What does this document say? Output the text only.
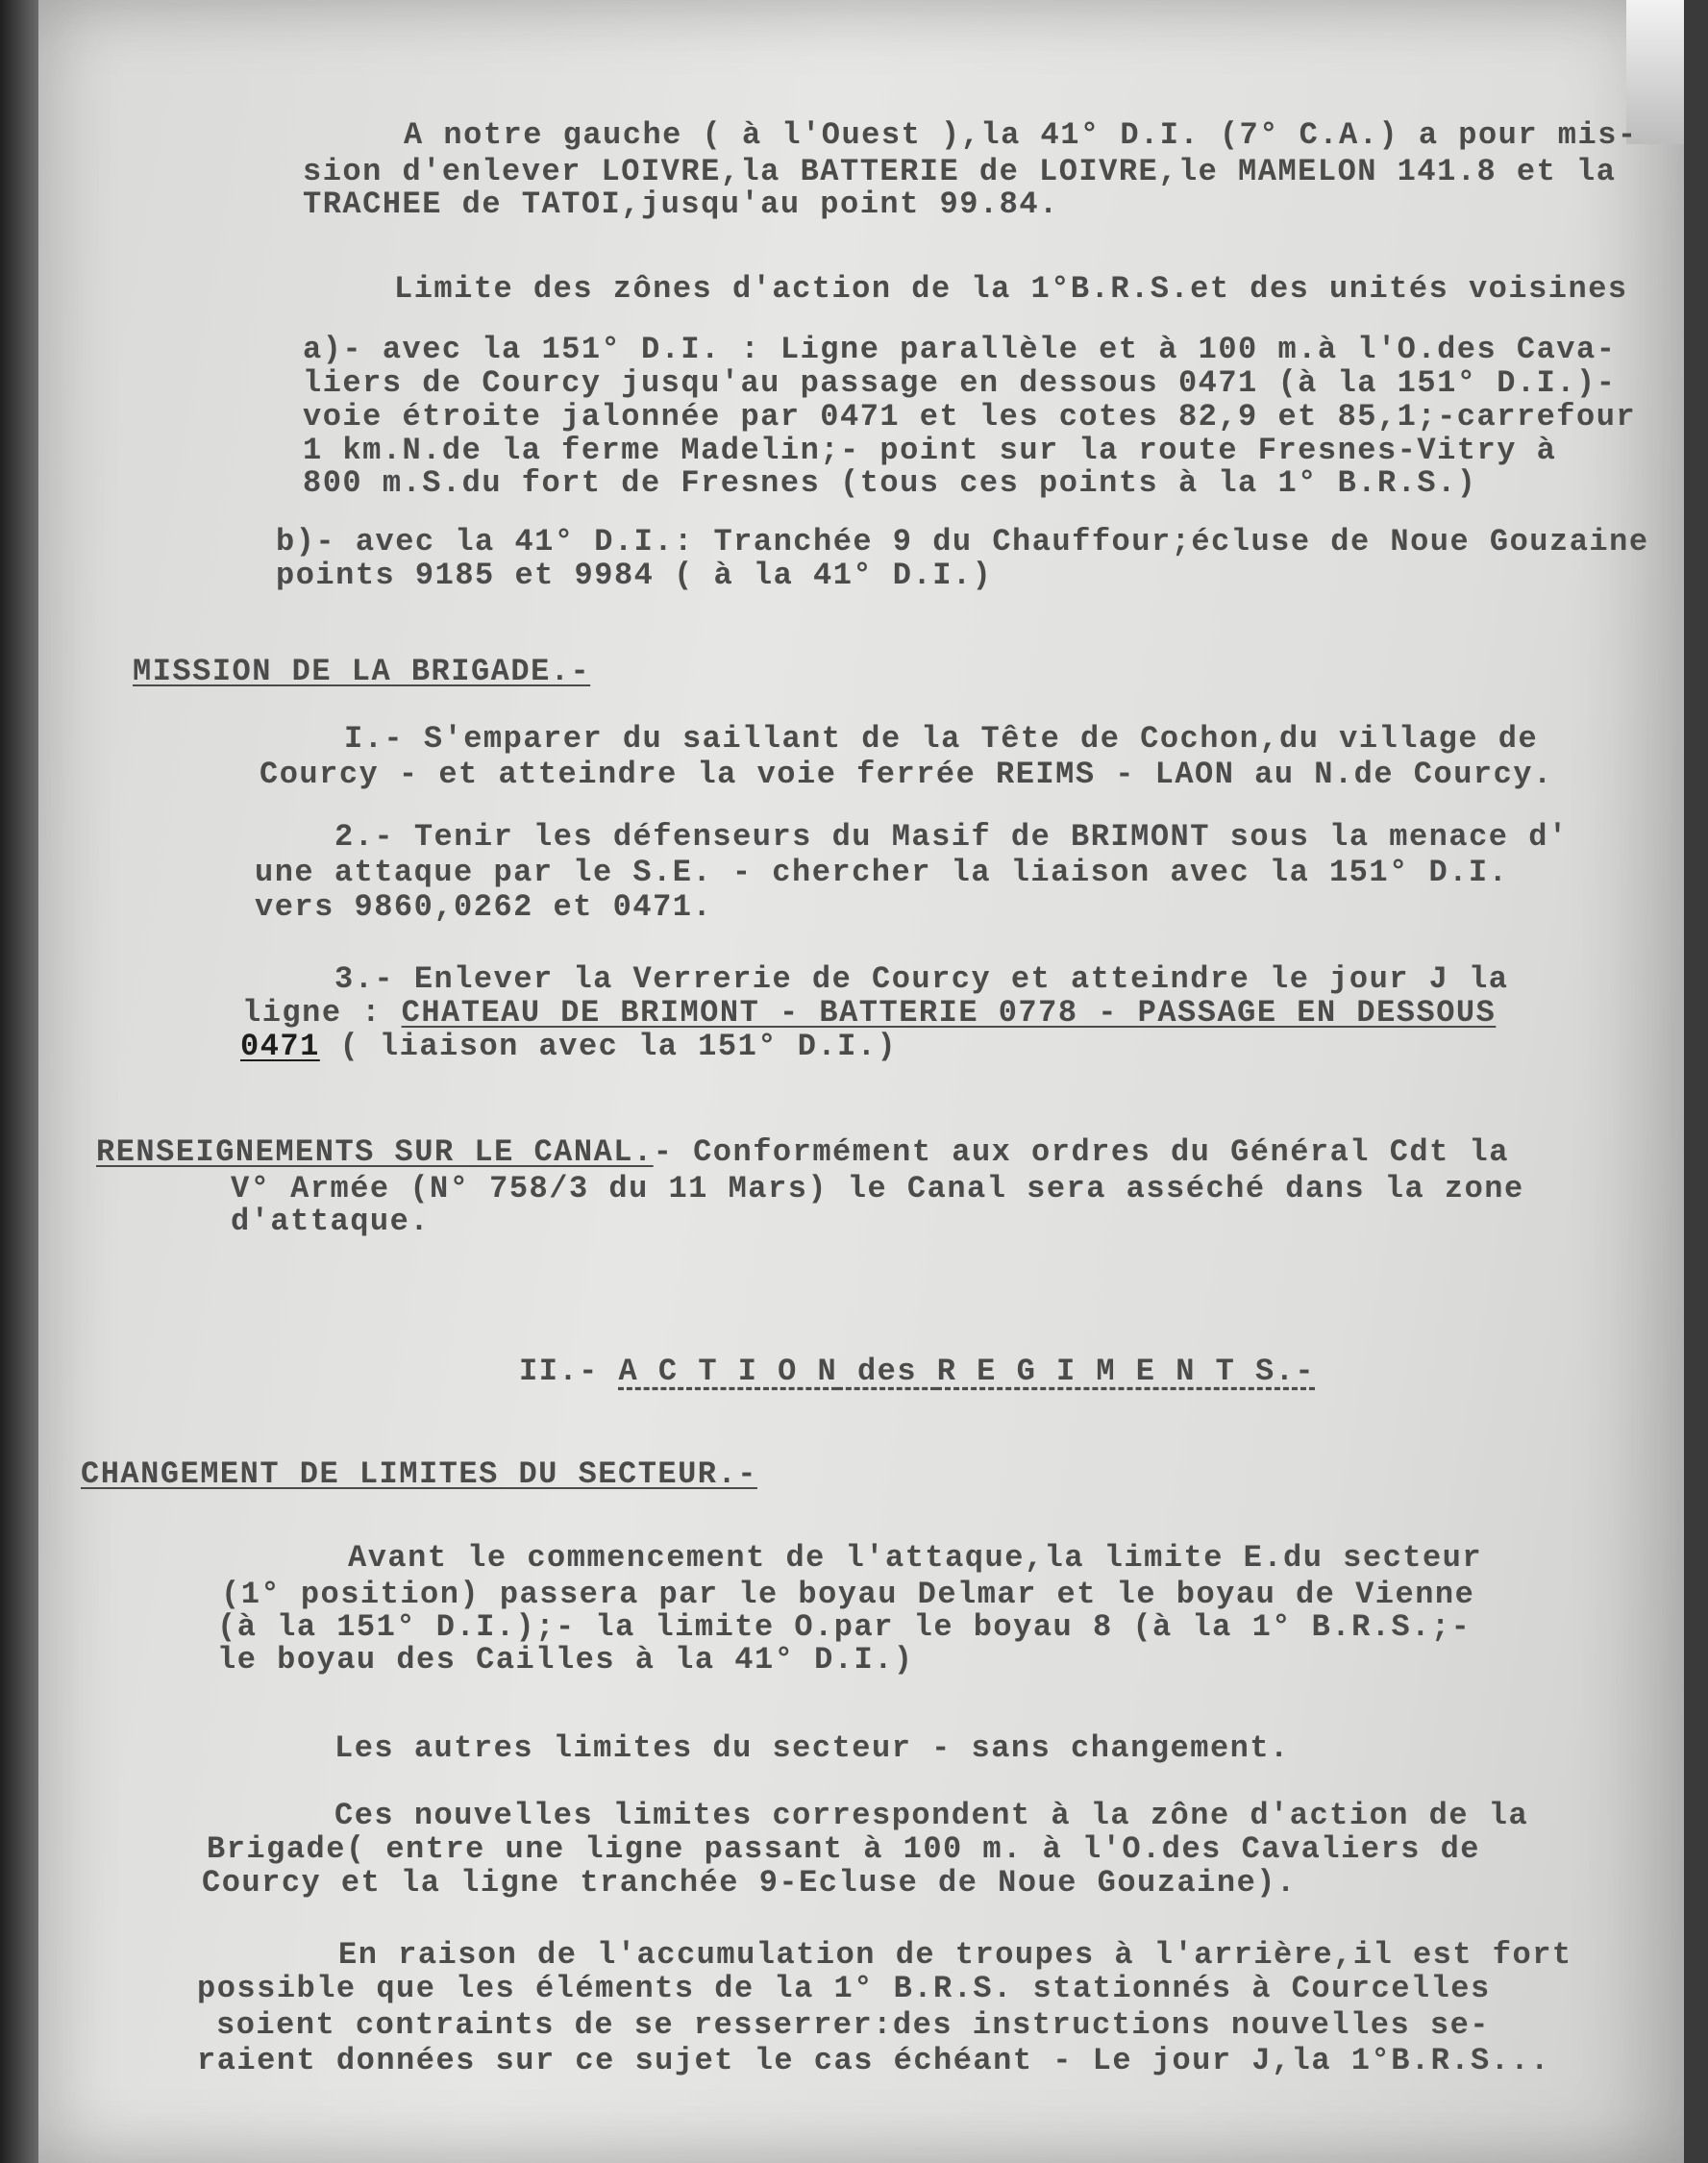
A notre gauche ( à l'Ouest ),la 41° D.I. (7° C.A.) a pour mis-

sion d'enlever LOIVRE,la BATTERIE de LOIVRE,le MAMELON 141.8 et la

TRACHEE de TATOI,jusqu'au point 99.84.

Limite des zônes d'action de la 1°B.R.S.et des unités voisines

a)- avec la 151° D.I. : Ligne parallèle et à 100 m.à l'O.des Cava-

liers de Courcy jusqu'au passage en dessous 0471 (à la 151° D.I.)-

voie étroite jalonnée par 0471 et les cotes 82,9 et 85,1;-carrefour

1 km.N.de la ferme Madelin;- point sur la route Fresnes-Vitry à

800 m.S.du fort de Fresnes (tous ces points à la 1° B.R.S.)

b)- avec la 41° D.I.: Tranchée 9 du Chauffour;écluse de Noue Gouzaine

points 9185 et 9984 ( à la 41° D.I.)

MISSION DE LA BRIGADE.-

I.- S'emparer du saillant de la Tête de Cochon,du village de

Courcy - et atteindre la voie ferrée REIMS - LAON au N.de Courcy.

2.- Tenir les défenseurs du Masif de BRIMONT sous la menace d'

une attaque par le S.E. - chercher la liaison avec la 151° D.I.

vers 9860,0262 et 0471.

3.- Enlever la Verrerie de Courcy et atteindre le jour J la

ligne : CHATEAU DE BRIMONT - BATTERIE 0778 - PASSAGE EN DESSOUS

0471 ( liaison avec la 151° D.I.)

RENSEIGNEMENTS SUR LE CANAL.- Conformément aux ordres du Général Cdt la

V° Armée (N° 758/3 du 11 Mars) le Canal sera asséché dans la zone

d'attaque.

II.- A C T I O N des R E G I M E N T S.-

CHANGEMENT DE LIMITES DU SECTEUR.-

Avant le commencement de l'attaque,la limite E.du secteur

(1° position) passera par le boyau Delmar et le boyau de Vienne

(à la 151° D.I.);- la limite O.par le boyau 8 (à la 1° B.R.S.;-

le boyau des Cailles à la 41° D.I.)

Les autres limites du secteur - sans changement.

Ces nouvelles limites correspondent à la zône d'action de la

Brigade( entre une ligne passant à 100 m. à l'O.des Cavaliers de

Courcy et la ligne tranchée 9-Ecluse de Noue Gouzaine).

En raison de l'accumulation de troupes à l'arrière,il est fort

possible que les éléments de la 1° B.R.S. stationnés à Courcelles

soient contraints de se resserrer:des instructions nouvelles se-

raient données sur ce sujet le cas échéant - Le jour J,la 1°B.R.S...
